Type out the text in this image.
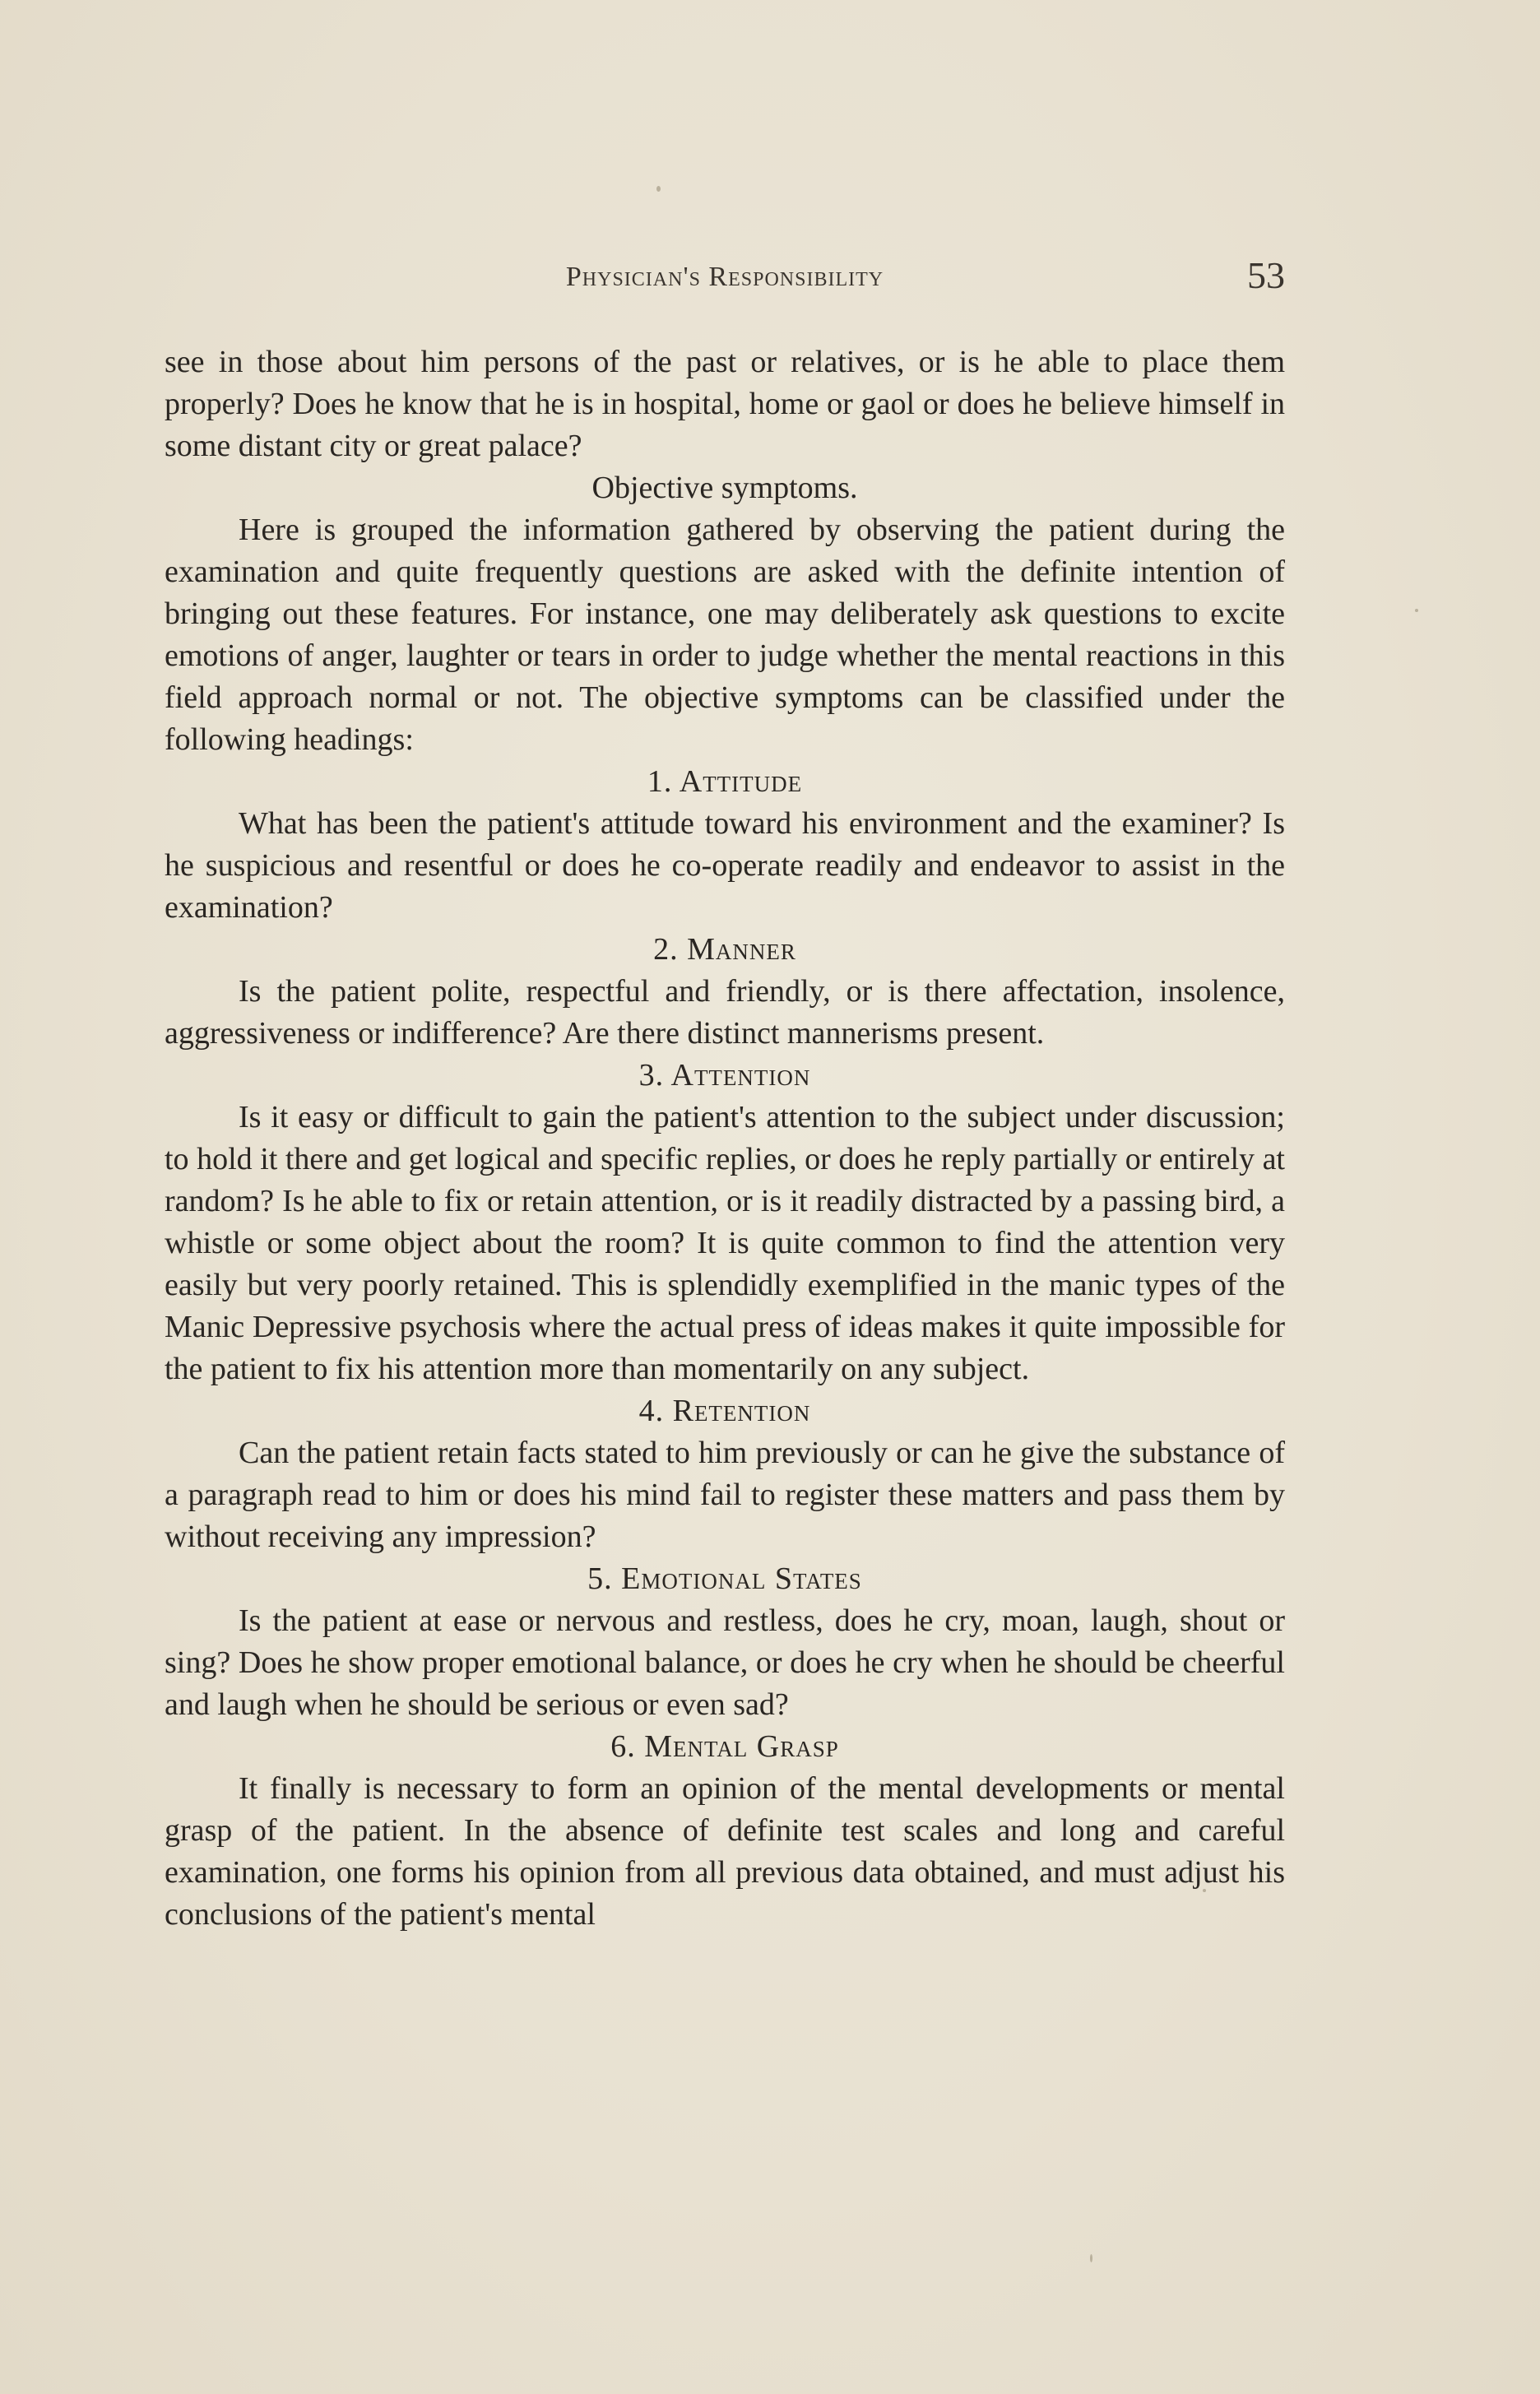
Physician's Responsibility	53

see in those about him persons of the past or relatives, or is he able to place them properly? Does he know that he is in hospital, home or gaol or does he believe himself in some distant city or great palace?

Objective symptoms.

Here is grouped the information gathered by observing the patient during the examination and quite frequently questions are asked with the definite intention of bringing out these features. For instance, one may deliberately ask questions to excite emotions of anger, laughter or tears in order to judge whether the mental reactions in this field approach normal or not. The objective symptoms can be classified under the following headings:

1. Attitude

What has been the patient's attitude toward his environment and the examiner? Is he suspicious and resentful or does he co-operate readily and endeavor to assist in the examination?

2. Manner

Is the patient polite, respectful and friendly, or is there affectation, insolence, aggressiveness or indifference? Are there distinct mannerisms present.

3. Attention

Is it easy or difficult to gain the patient's attention to the subject under discussion; to hold it there and get logical and specific replies, or does he reply partially or entirely at random? Is he able to fix or retain attention, or is it readily distracted by a passing bird, a whistle or some object about the room? It is quite common to find the attention very easily but very poorly retained. This is splendidly exemplified in the manic types of the Manic Depressive psychosis where the actual press of ideas makes it quite impossible for the patient to fix his attention more than momentarily on any subject.

4. Retention

Can the patient retain facts stated to him previously or can he give the substance of a paragraph read to him or does his mind fail to register these matters and pass them by without receiving any impression?

5. Emotional States

Is the patient at ease or nervous and restless, does he cry, moan, laugh, shout or sing? Does he show proper emotional balance, or does he cry when he should be cheerful and laugh when he should be serious or even sad?

6. Mental Grasp

It finally is necessary to form an opinion of the mental developments or mental grasp of the patient. In the absence of definite test scales and long and careful examination, one forms his opinion from all previous data obtained, and must adjust his conclusions of the patient's mental
